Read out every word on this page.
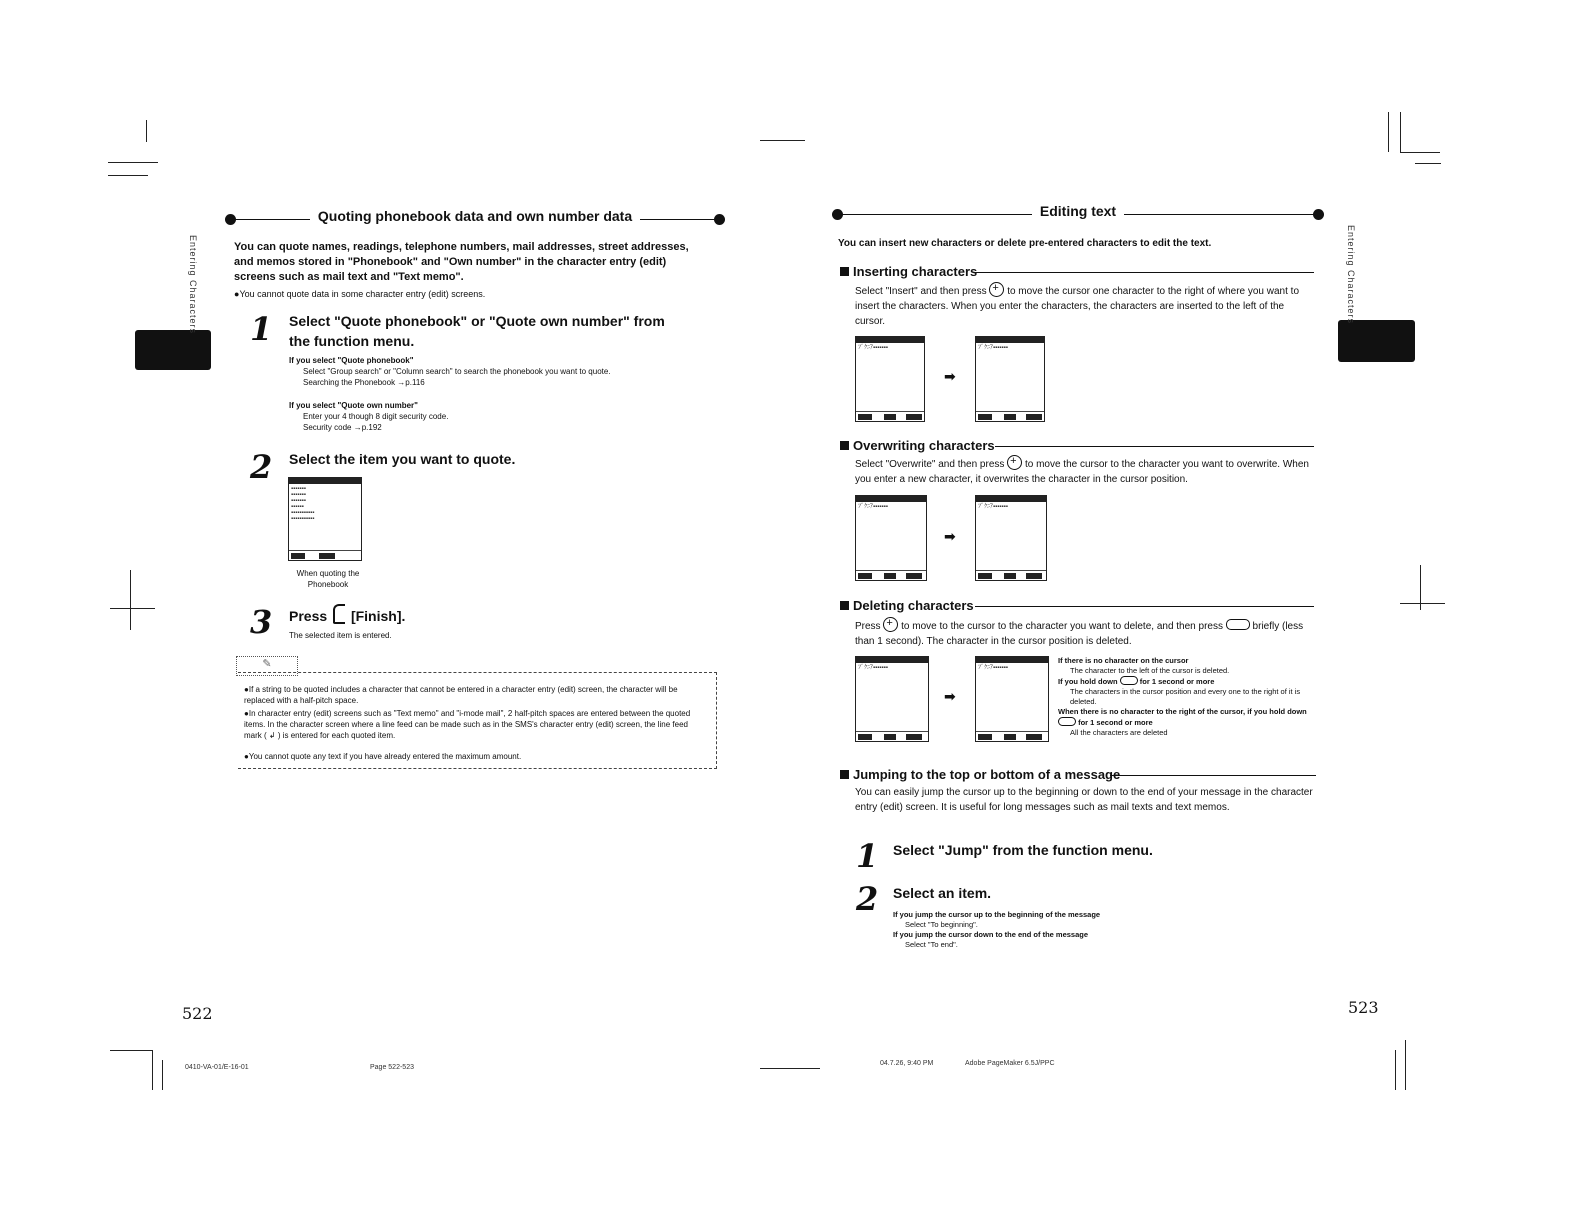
Entering Characters	Entering Characters
Quoting phonebook data and own number data
You can quote names, readings, telephone numbers, mail addresses, street addresses, and memos stored in "Phonebook" and "Own number" in the character entry (edit) screens such as mail text and "Text memo".
● You cannot quote data in some character entry (edit) screens.
1 Select "Quote phonebook" or "Quote own number" from the function menu.
If you select "Quote phonebook"
Select "Group search" or "Column search" to search the phonebook you want to quote.
Searching the Phonebook →p.116
If you select "Quote own number"
Enter your 4 though 8 digit security code.
Security code →p.192
2 Select the item you want to quote.
▪▪▪▪▪▪▪
▪▪▪▪▪▪▪
▪▪▪▪▪▪▪
▪▪▪▪▪▪
▪▪▪▪▪▪▪▪▪▪▪
▪▪▪▪▪▪▪▪▪▪▪
When quoting the Phonebook
3 Press [Finish].
The selected item is entered.
✎
● If a string to be quoted includes a character that cannot be entered in a character entry (edit) screen, the character will be replaced with a half-pitch space.
● In character entry (edit) screens such as "Text memo" and "i-mode mail", 2 half-pitch spaces are entered between the quoted items. In the character screen where a line feed can be made such as in the SMS's character entry (edit) screen, the line feed mark ( ↲ ) is entered for each quoted item.
● You cannot quote any text if you have already entered the maximum amount.
522
0410-VA-01/E-16-01	Page 522-523
Editing text
You can insert new characters or delete pre-entered characters to edit the text.
Inserting characters
Select "Insert" and then press + to move the cursor one character to the right of where you want to insert the characters. When you enter the characters, the characters are inserted to the left of the cursor.
ﾌﾞｸﾆｱ▪▪▪▪▪▪▪
➡
ﾌﾞｸﾆｱ▪▪▪▪▪▪▪
Overwriting characters
Select "Overwrite" and then press + to move the cursor to the character you want to overwrite. When you enter a new character, it overwrites the character in the cursor position.
ﾌﾞｸﾆｱ▪▪▪▪▪▪▪
➡
ﾌﾞｸﾆｱ▪▪▪▪▪▪▪
Deleting characters
Press + to move to the cursor to the character you want to delete, and then press	briefly (less than 1 second). The character in the cursor position is deleted.
ﾌﾞｸﾆｱ▪▪▪▪▪▪▪
➡
ﾌﾞｸﾆｱ▪▪▪▪▪▪▪
If there is no character on the cursor
The character to the left of the cursor is deleted.
If you hold down	for 1 second or more
The characters in the cursor position and every one to the right of it is deleted.
When there is no character to the right of the cursor, if you hold down  for 1 second or more
All the characters are deleted
Jumping to the top or bottom of a message
You can easily jump the cursor up to the beginning or down to the end of your message in the character entry (edit) screen. It is useful for long messages such as mail texts and text memos.
1 Select "Jump" from the function menu.
2 Select an item.
If you jump the cursor up to the beginning of the message
Select "To beginning".
If you jump the cursor down to the end of the message
Select "To end".
523
04.7.26, 9:40 PM	Adobe PageMaker 6.5J/PPC
